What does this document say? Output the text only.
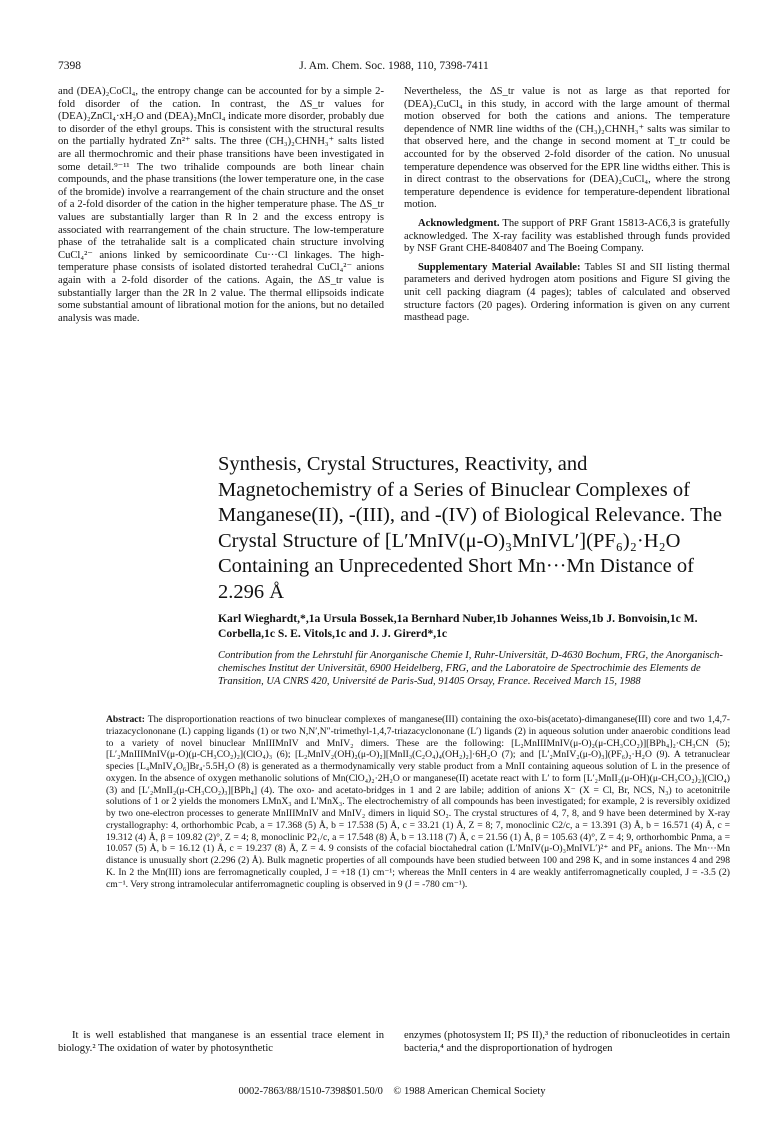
7398	J. Am. Chem. Soc. 1988, 110, 7398-7411

and (DEA)₂CoCl₄, the entropy change can be accounted for by a simple 2-fold disorder of the cation. In contrast, the ΔS_tr values for (DEA)₂ZnCl₄·xH₂O and (DEA)₂MnCl₄ indicate more disorder, probably due to disorder of the ethyl groups. This is consistent with the structural results on the partially hydrated Zn²⁺ salts. The three (CH₃)₂CHNH₃⁺ salts listed are all thermochromic and their phase transitions have been investigated in some detail.⁹⁻¹¹ The two trihalide compounds are both linear chain compounds, and the phase transitions (the lower temperature one, in the case of the bromide) involve a rearrangement of the chain structure and the onset of a 2-fold disorder of the cation in the higher temperature phase. The ΔS_tr values are substantially larger than R ln 2 and the excess entropy is associated with rearrangement of the chain structure. The low-temperature phase of the tetrahalide salt is a complicated chain structure involving CuCl₄²⁻ anions linked by semicoordinate Cu···Cl linkages. The high-temperature phase consists of isolated distorted terahedral CuCl₄²⁻ anions again with a 2-fold disorder of the cations. Again, the ΔS_tr value is substantially larger than the 2R ln 2 value. The thermal ellipsoids indicate some substantial amount of librational motion for the anions, but no detailed analysis was made.

Nevertheless, the ΔS_tr value is not as large as that reported for (DEA)₂CuCl₄ in this study, in accord with the large amount of thermal motion observed for both the cations and anions. The temperature dependence of NMR line widths of the (CH₃)₂CHNH₃⁺ salts was similar to that observed here, and the change in second moment at T_tr could be accounted for by the observed 2-fold disorder of the cation. No unusual temperature dependence was observed for the EPR line widths either. This is in direct contrast to the observations for (DEA)₂CuCl₄, where the strong temperature dependence is evidence for temperature-dependent librational motion.

Acknowledgment. The support of PRF Grant 15813-AC6,3 is gratefully acknowledged. The X-ray facility was established through funds provided by NSF Grant CHE-8408407 and The Boeing Company.

Supplementary Material Available: Tables SI and SII listing thermal parameters and derived hydrogen atom positions and Figure SI giving the unit cell packing diagram (4 pages); tables of calculated and observed structure factors (20 pages). Ordering information is given on any current masthead page.

Synthesis, Crystal Structures, Reactivity, and Magnetochemistry of a Series of Binuclear Complexes of Manganese(II), -(III), and -(IV) of Biological Relevance. The Crystal Structure of [L′MnIV(μ-O)₃MnIVL′](PF₆)₂·H₂O Containing an Unprecedented Short Mn···Mn Distance of 2.296 Å
Karl Wieghardt,*,1a Ursula Bossek,1a Bernhard Nuber,1b Johannes Weiss,1b J. Bonvoisin,1c M. Corbella,1c S. E. Vitols,1c and J. J. Girerd*,1c
Contribution from the Lehrstuhl für Anorganische Chemie I, Ruhr-Universität, D-4630 Bochum, FRG, the Anorganisch-chemisches Institut der Universität, 6900 Heidelberg, FRG, and the Laboratoire de Spectrochimie des Elements de Transition, UA CNRS 420, Université de Paris-Sud, 91405 Orsay, France. Received March 15, 1988
Abstract: The disproportionation reactions of two binuclear complexes of manganese(III) containing the oxo-bis(acetato)-dimanganese(III) core and two 1,4,7-triazacyclononane (L) capping ligands (1) or two N,N′,N″-trimethyl-1,4,7-triazacyclononane (L′) ligands (2) in aqueous solution under anaerobic conditions lead to a variety of novel binuclear MnIIIMnIV and MnIV₂ dimers. These are the following: [L₂MnIIIMnIV(μ-O)₂(μ-CH₃CO₂)][BPh₄]₂·CH₃CN (5); [L′₂MnIIIMnIV(μ-O)(μ-CH₃CO₂)₂](ClO₄)₃ (6); [L₂MnIV₂(OH)₂(μ-O)₂][MnII₃(C₂O₄)₄(OH₂)₂]·6H₂O (7); and [L′₂MnIV₂(μ-O)₃](PF₆)₂·H₂O (9). A tetranuclear species [L₄MnIV₄O₆]Br₄·5.5H₂O (8) is generated as a thermodynamically very stable product from a MnII containing aqueous solution of L in the presence of oxygen. In the absence of oxygen methanolic solutions of Mn(ClO₄)₂·2H₂O or manganese(II) acetate react with L′ to form [L′₂MnII₂(μ-OH)(μ-CH₃CO₂)₂](ClO₄) (3) and [L′₂MnII₂(μ-CH₃CO₂)₃][BPh₄] (4). The oxo- and acetato-bridges in 1 and 2 are labile; addition of anions X⁻ (X = Cl, Br, NCS, N₃) to acetonitrile solutions of 1 or 2 yields the monomers LMnX₃ and L′MnX₃. The electrochemistry of all compounds has been investigated; for example, 2 is reversibly oxidized by two one-electron processes to generate MnIIIMnIV and MnIV₂ dimers in liquid SO₂. The crystal structures of 4, 7, 8, and 9 have been determined by X-ray crystallography: 4, orthorhombic Pcab, a = 17.368 (5) Å, b = 17.538 (5) Å, c = 33.21 (1) Å, Z = 8; 7, monoclinic C2/c, a = 13.391 (3) Å, b = 16.571 (4) Å, c = 19.312 (4) Å, β = 109.82 (2)°, Z = 4; 8, monoclinic P2₁/c, a = 17.548 (8) Å, b = 13.118 (7) Å, c = 21.56 (1) Å, β = 105.63 (4)°, Z = 4; 9, orthorhombic Pnma, a = 10.057 (5) Å, b = 16.12 (1) Å, c = 19.237 (8) Å, Z = 4. 9 consists of the cofacial bioctahedral cation (L′MnIV(μ-O)₃MnIVL′)²⁺ and PF₆ anions. The Mn···Mn distance is unusually short (2.296 (2) Å). Bulk magnetic properties of all compounds have been studied between 100 and 298 K, and in some instances 4 and 298 K. In 2 the Mn(III) ions are ferromagnetically coupled, J = +18 (1) cm⁻¹; whereas the MnII centers in 4 are weakly antiferromagnetically coupled, J = -3.5 (2) cm⁻¹. Very strong intramolecular antiferromagnetic coupling is observed in 9 (J = -780 cm⁻¹).
It is well established that manganese is an essential trace element in biology.² The oxidation of water by photosynthetic
enzymes (photosystem II; PS II),³ the reduction of ribonucleotides in certain bacteria,⁴ and the disproportionation of hydrogen
0002-7863/88/1510-7398$01.50/0 © 1988 American Chemical Society
